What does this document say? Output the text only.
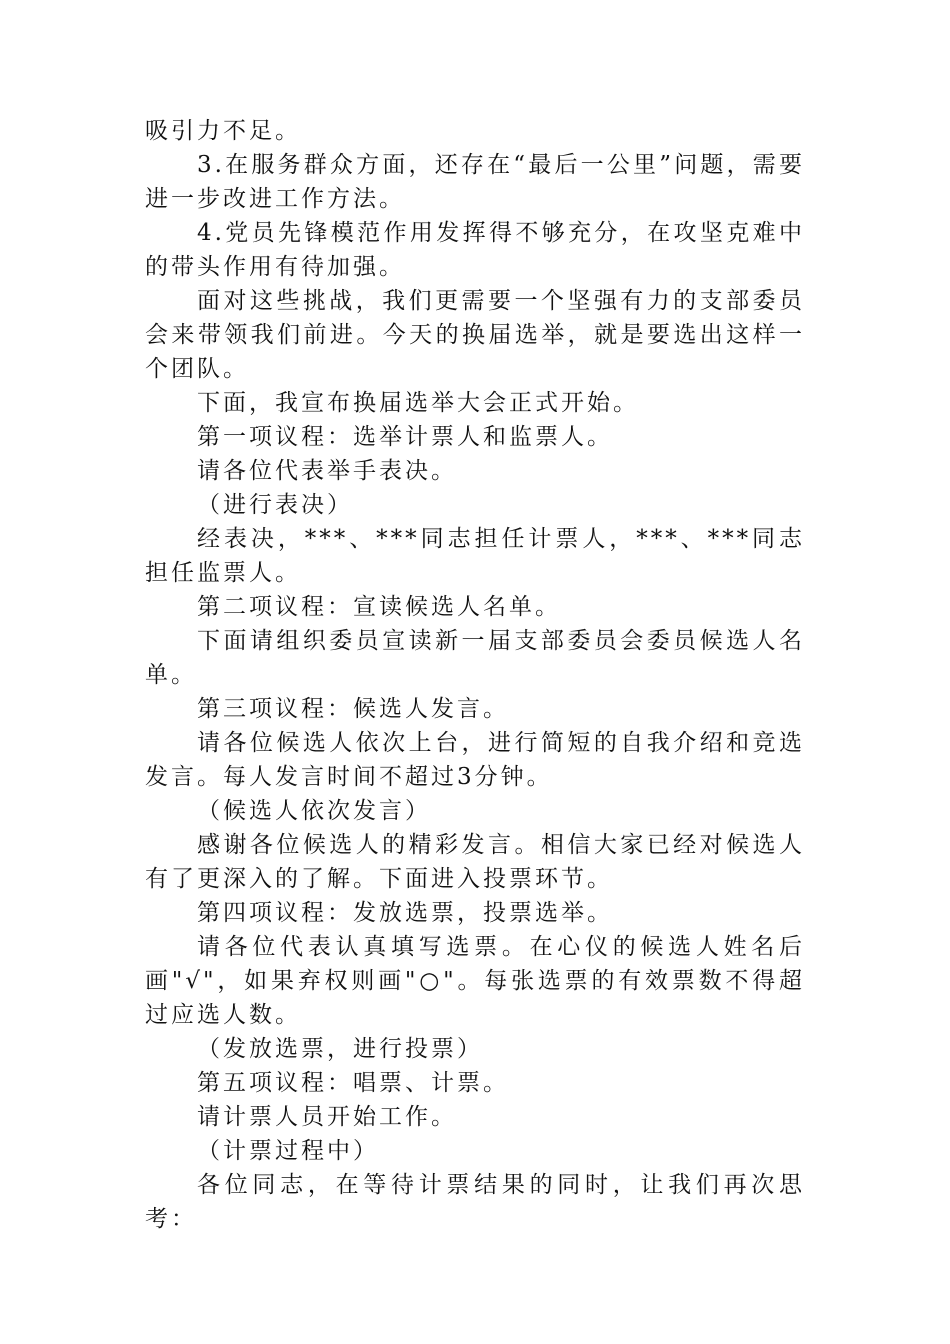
吸引力不足。

3.在服务群众方面，还存在“最后一公里”问题，需要进一步改进工作方法。

4.党员先锋模范作用发挥得不够充分，在攻坚克难中的带头作用有待加强。

面对这些挑战，我们更需要一个坚强有力的支部委员会来带领我们前进。今天的换届选举，就是要选出这样一个团队。

下面，我宣布换届选举大会正式开始。

第一项议程：选举计票人和监票人。

请各位代表举手表决。

（进行表决）

经表决，***、***同志担任计票人，***、***同志担任监票人。

第二项议程：宣读候选人名单。

下面请组织委员宣读新一届支部委员会委员候选人名单。

第三项议程：候选人发言。

请各位候选人依次上台，进行简短的自我介绍和竞选发言。每人发言时间不超过3分钟。

（候选人依次发言）

感谢各位候选人的精彩发言。相信大家已经对候选人有了更深入的了解。下面进入投票环节。

第四项议程：发放选票，投票选举。

请各位代表认真填写选票。在心仪的候选人姓名后画"√"，如果弃权则画"○"。每张选票的有效票数不得超过应选人数。

（发放选票，进行投票）

第五项议程：唱票、计票。

请计票人员开始工作。

（计票过程中）

各位同志，在等待计票结果的同时，让我们再次思考：
